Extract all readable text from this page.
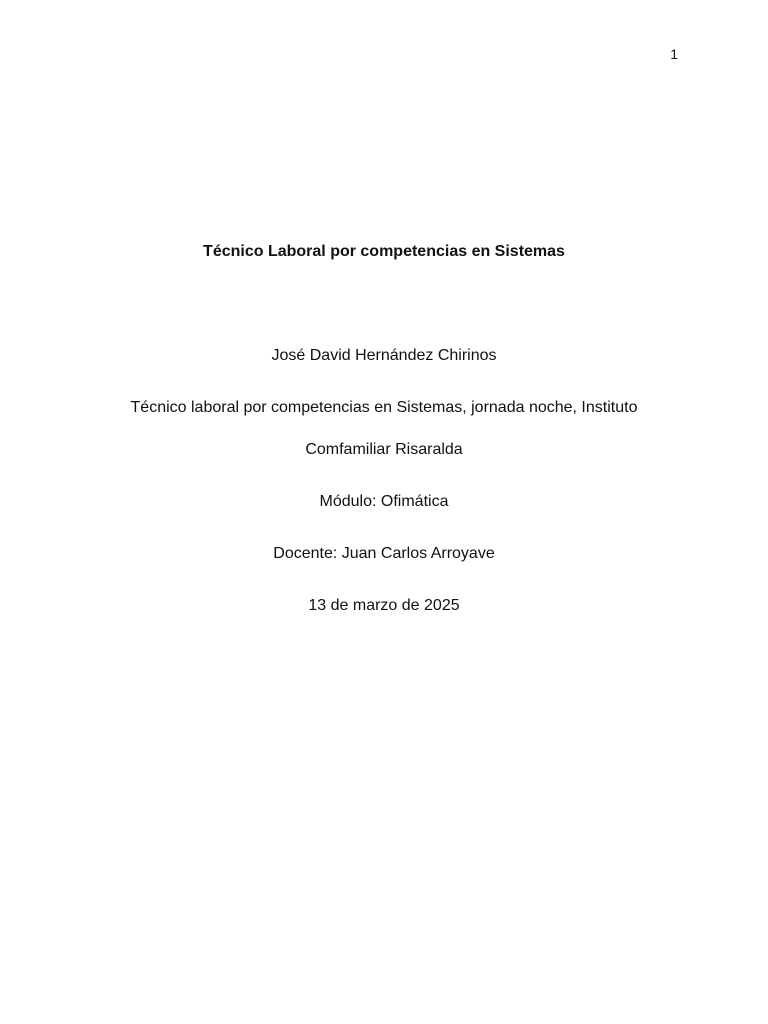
1
Técnico Laboral por competencias en Sistemas
José David Hernández Chirinos
Técnico laboral por competencias en Sistemas, jornada noche, Instituto
Comfamiliar Risaralda
Módulo: Ofimática
Docente: Juan Carlos Arroyave
13 de marzo de 2025
